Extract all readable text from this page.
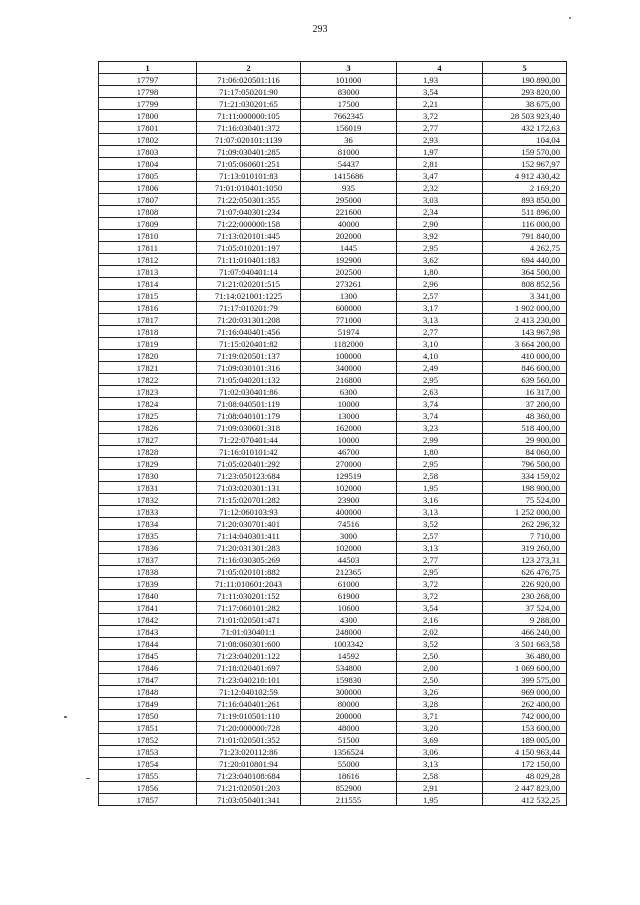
293
1	2	3	4	5
17797	71:06:020501:116	101000	1,93	190 890,00
17798	71:17:050201:90	83000	3,54	293 820,00
17799	71:21:030201:65	17500	2,21	38 675,00
17800	71:11:000000:105	7662345	3,72	28 503 923,40
17801	71:16:030401:372	156019	2,77	432 172,63
17802	71:07:020101:1139	36	2,93	104,04
17803	71:09:030401:285	81000	1,97	159 570,00
17804	71:05:060601:251	54437	2,81	152 967,97
17805	71:13:010101:83	1415686	3,47	4 912 430,42
17806	71:01:010401:1050	935	2,32	2 169,20
17807	71:22:050301:355	295000	3,03	893 850,00
17808	71:07:040301:234	221600	2,34	511 896,00
17809	71:22:000000:158	40000	2,90	116 000,00
17810	71:13:020101:445	202000	3,92	791 840,00
17811	71:05:010201:197	1445	2,95	4 262,75
17812	71:11:010401:183	192900	3,62	694 440,00
17813	71:07:040401:14	202500	1,80	364 500,00
17814	71:21:020201:515	273261	2,96	808 852,56
17815	71:14:021001:1225	1300	2,57	3 341,00
17816	71:17:010201:79	600000	3,17	1 902 000,00
17817	71:20:031301:208	771000	3,13	2 413 230,00
17818	71:16:040401:456	51974	2,77	143 967,98
17819	71:15:020401:82	1182000	3,10	3 664 200,00
17820	71:19:020501:137	100000	4,10	410 000,00
17821	71:09:030101:316	340000	2,49	846 600,00
17822	71:05:040201:132	216800	2,95	639 560,00
17823	71:02:030401:86	6300	2,63	16 317,00
17824	71:08:040501:119	10000	3,74	37 200,00
17825	71:08:040101:179	13000	3,74	48 360,00
17826	71:09:030601:318	162000	3,23	518 400,00
17827	71:22:070401:44	10000	2,99	29 900,00
17828	71:16:010101:42	46700	1,80	84 060,00
17829	71:05:020401:292	270000	2,95	796 500,00
17830	71:23:050123:684	129519	2,58	334 159,02
17831	71:03:020301:131	102000	1,95	198 900,00
17832	71:15:020701:282	23900	3,16	75 524,00
17833	71:12:060103:93	400000	3,13	1 252 000,00
17834	71:20:030701:401	74516	3,52	262 296,32
17835	71:14:040301:411	3000	2,57	7 710,00
17836	71:20:031301:283	102000	3,13	319 260,00
17837	71:16:030305:269	44503	2,77	123 273,31
17838	71:05:020101:882	212365	2,95	626 476,75
17839	71:11:010601:2043	61000	3,72	226 920,00
17840	71:11:030201:152	61900	3,72	230 268,00
17841	71:17:060101:282	10600	3,54	37 524,00
17842	71:01:020501:471	4300	2,16	9 288,00
17843	71:01:030401:1	248000	2,02	466 240,00
17844	71:08:060301:600	1003342	3,52	3 501 663,58
17845	71:23:040201:122	14592	2,50	36 480,00
17846	71:18:020401:697	534800	2,00	1 069 600,00
17847	71:23:040210:101	159830	2,50	399 575,00
17848	71:12:040102:59	300000	3,26	969 000,00
17849	71:16:040401:261	80000	3,28	262 400,00
17850	71:19:010501:110	200000	3,71	742 000,00
17851	71:20:000000:728	48000	3,20	153 600,00
17852	71:01:020501:352	51500	3,69	189 005,00
17853	71:23:020112:86	1356524	3,06	4 150 963,44
17854	71:20:010801:94	55000	3,13	172 150,00
17855	71:23:040108:684	18616	2,58	48 029,28
17856	71:21:020501:203	852900	2,91	2 447 823,00
17857	71:03:050401:341	211555	1,95	412 532,25
